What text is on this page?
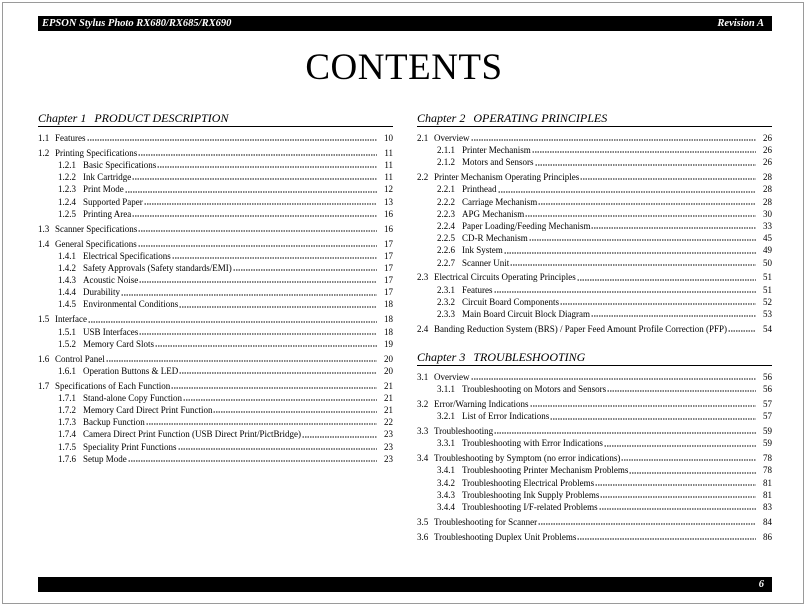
EPSON Stylus Photo RX680/RX685/RX690	Revision A
CONTENTS
Chapter 1 PRODUCT DESCRIPTION
1.1 Features	10
1.2 Printing Specifications	11
1.2.1 Basic Specifications	11
1.2.2 Ink Cartridge	11
1.2.3 Print Mode	12
1.2.4 Supported Paper	13
1.2.5 Printing Area	16
1.3 Scanner Specifications	16
1.4 General Specifications	17
1.4.1 Electrical Specifications	17
1.4.2 Safety Approvals (Safety standards/EMI)	17
1.4.3 Acoustic Noise	17
1.4.4 Durability	17
1.4.5 Environmental Conditions	18
1.5 Interface	18
1.5.1 USB Interfaces	18
1.5.2 Memory Card Slots	19
1.6 Control Panel	20
1.6.1 Operation Buttons & LED	20
1.7 Specifications of Each Function	21
1.7.1 Stand-alone Copy Function	21
1.7.2 Memory Card Direct Print Function	21
1.7.3 Backup Function	22
1.7.4 Camera Direct Print Function (USB Direct Print/PictBridge)	23
1.7.5 Speciality Print Functions	23
1.7.6 Setup Mode	23
Chapter 2 OPERATING PRINCIPLES
2.1 Overview	26
2.1.1 Printer Mechanism	26
2.1.2 Motors and Sensors	26
2.2 Printer Mechanism Operating Principles	28
2.2.1 Printhead	28
2.2.2 Carriage Mechanism	28
2.2.3 APG Mechanism	30
2.2.4 Paper Loading/Feeding Mechanism	33
2.2.5 CD-R Mechanism	45
2.2.6 Ink System	49
2.2.7 Scanner Unit	50
2.3 Electrical Circuits Operating Principles	51
2.3.1 Features	51
2.3.2 Circuit Board Components	52
2.3.3 Main Board Circuit Block Diagram	53
2.4 Banding Reduction System (BRS) / Paper Feed Amount Profile Correction (PFP)	54
Chapter 3 TROUBLESHOOTING
3.1 Overview	56
3.1.1 Troubleshooting on Motors and Sensors	56
3.2 Error/Warning Indications	57
3.2.1 List of Error Indications	57
3.3 Troubleshooting	59
3.3.1 Troubleshooting with Error Indications	59
3.4 Troubleshooting by Symptom (no error indications)	78
3.4.1 Troubleshooting Printer Mechanism Problems	78
3.4.2 Troubleshooting Electrical Problems	81
3.4.3 Troubleshooting Ink Supply Problems	81
3.4.4 Troubleshooting I/F-related Problems	83
3.5 Troubleshooting for Scanner	84
3.6 Troubleshooting Duplex Unit Problems	86
6
